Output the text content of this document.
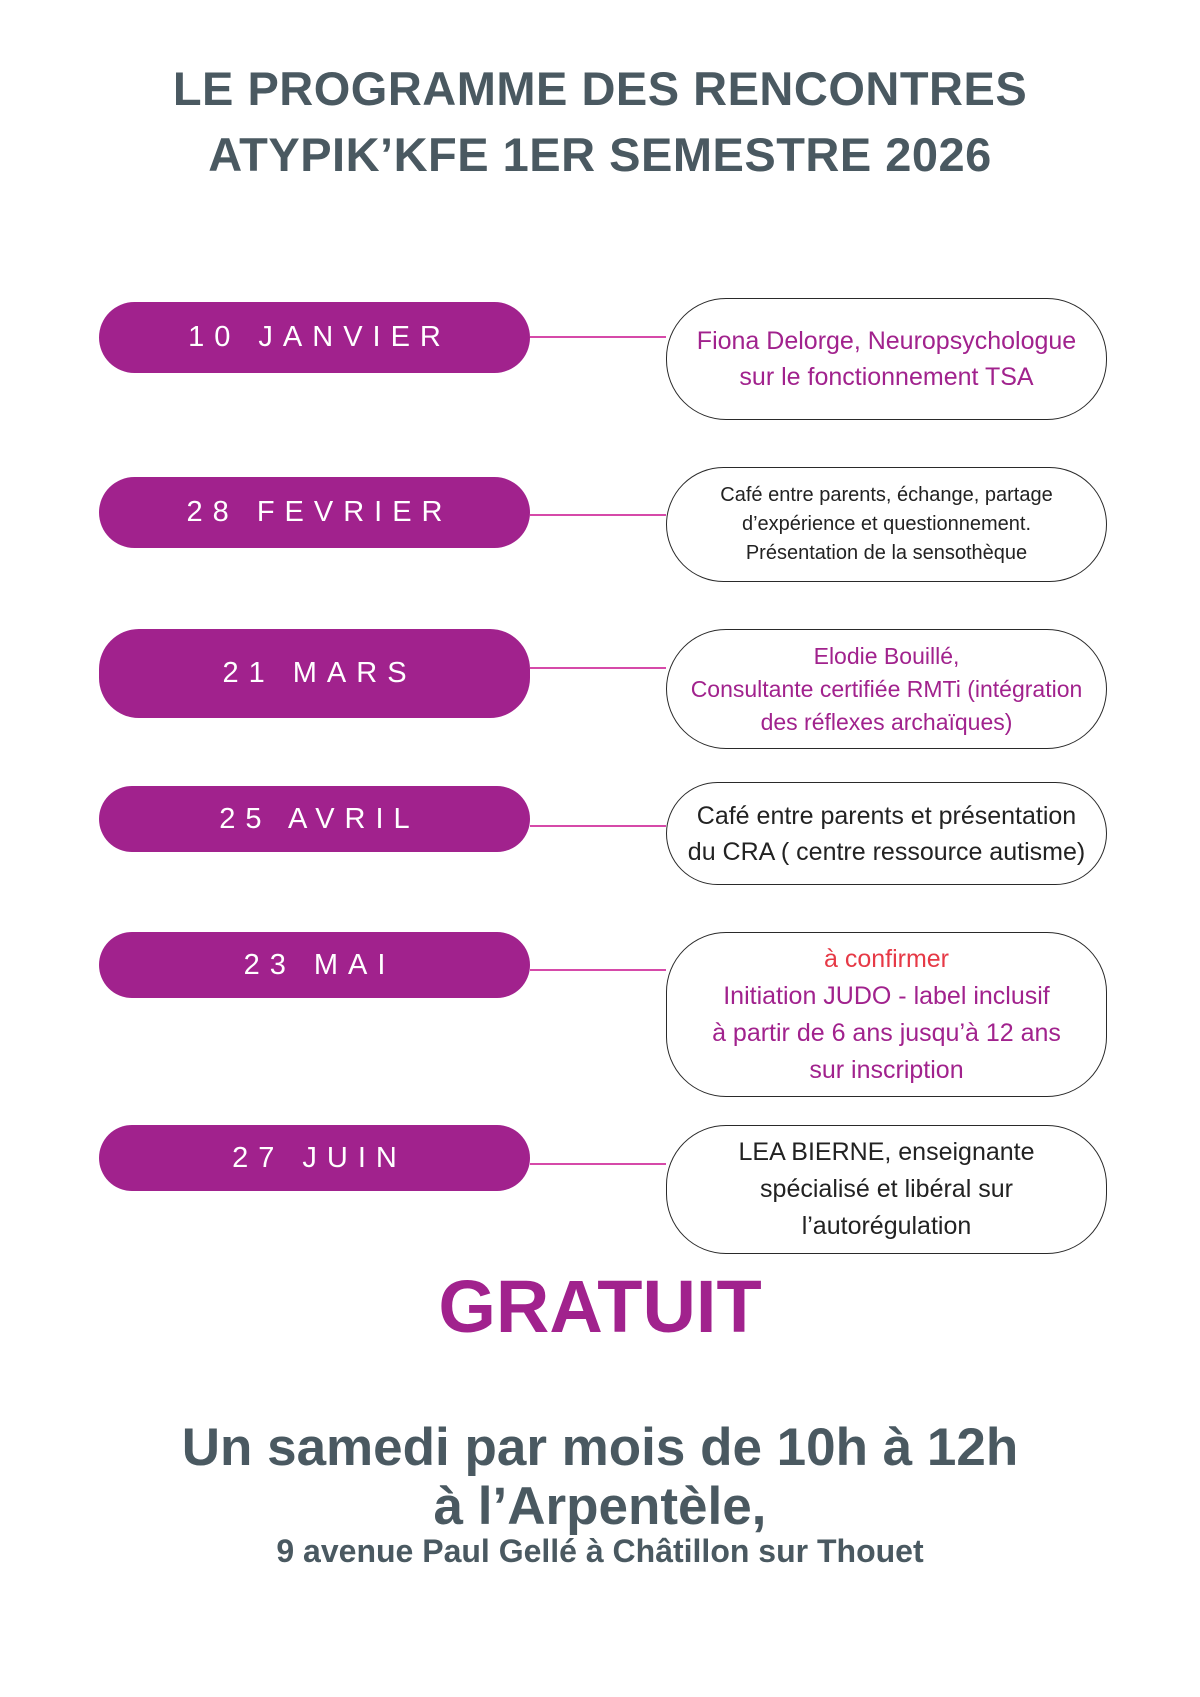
LE PROGRAMME DES RENCONTRES
ATYPIK’KFE 1ER SEMESTRE 2026
10 JANVIER	Fiona Delorge, Neuropsychologue
sur le fonctionnement TSA
28 FEVRIER
Café entre parents, échange, partage
d’expérience et questionnement.
Présentation de la sensothèque
21 MARS
Elodie Bouillé,
Consultante certifiée RMTi (intégration
des réflexes archaïques)
25 AVRIL	Café entre parents et présentation
du CRA ( centre ressource autisme)
23 MAI	à confirmer
Initiation JUDO - label inclusif
à partir de 6 ans jusqu’à 12 ans
sur inscription
27 JUIN	LEA BIERNE, enseignante
spécialisé et libéral sur
l’autorégulation
GRATUIT
Un samedi par mois de 10h à 12h
à l’Arpentèle,
9 avenue Paul Gellé à Châtillon sur Thouet
